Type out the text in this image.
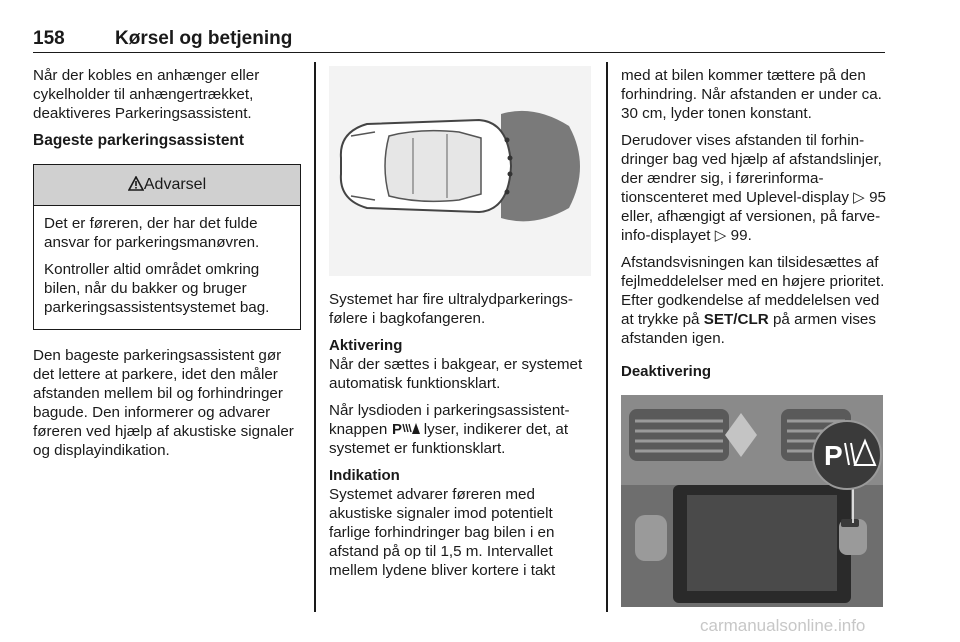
158	Kørsel og betjening

Når der kobles en anhænger eller cykelholder til anhængertrækket, deaktiveres Parkeringsassistent.

Bageste parkeringsassistent
Advarsel

Det er føreren, der har det fulde ansvar for parkeringsmanøvren.

Kontroller altid området omkring bilen, når du bakker og bruger parkeringsassistentsystemet bag.

Den bageste parkeringsassistent gør det lettere at parkere, idet den måler afstanden mellem bil og forhindringer bagude. Den informerer og advarer føreren ved hjælp af akustiske signaler og displayindikation.

Systemet har fire ultralydparkeringsfølere i bagkofangeren.

Aktivering

Når der sættes i bakgear, er systemet automatisk funktionsklart.

Når lysdioden i parkeringsassistentknappen P lyser, indikerer det, at systemet er funktionsklart.

Indikation

Systemet advarer føreren med akustiske signaler imod potentielt farlige forhindringer bag bilen i en afstand på op til 1,5 m. Intervallet mellem lydene bliver kortere i takt

med at bilen kommer tættere på den forhindring. Når afstanden er under ca. 30 cm, lyder tonen konstant.

Derudover vises afstanden til forhindringer bag ved hjælp af afstandslinjer, der ændrer sig, i førerinformationscenteret med Uplevel-display ▷ 95 eller, afhængigt af versionen, på farve-info-displayet ▷ 99.

Afstandsvisningen kan tilsidesættes af fejlmeddelelser med en højere prioritet. Efter godkendelse af meddelelsen ved at trykke på SET/CLR på armen vises afstanden igen.

Deaktivering
P
carmanualsonline.info
